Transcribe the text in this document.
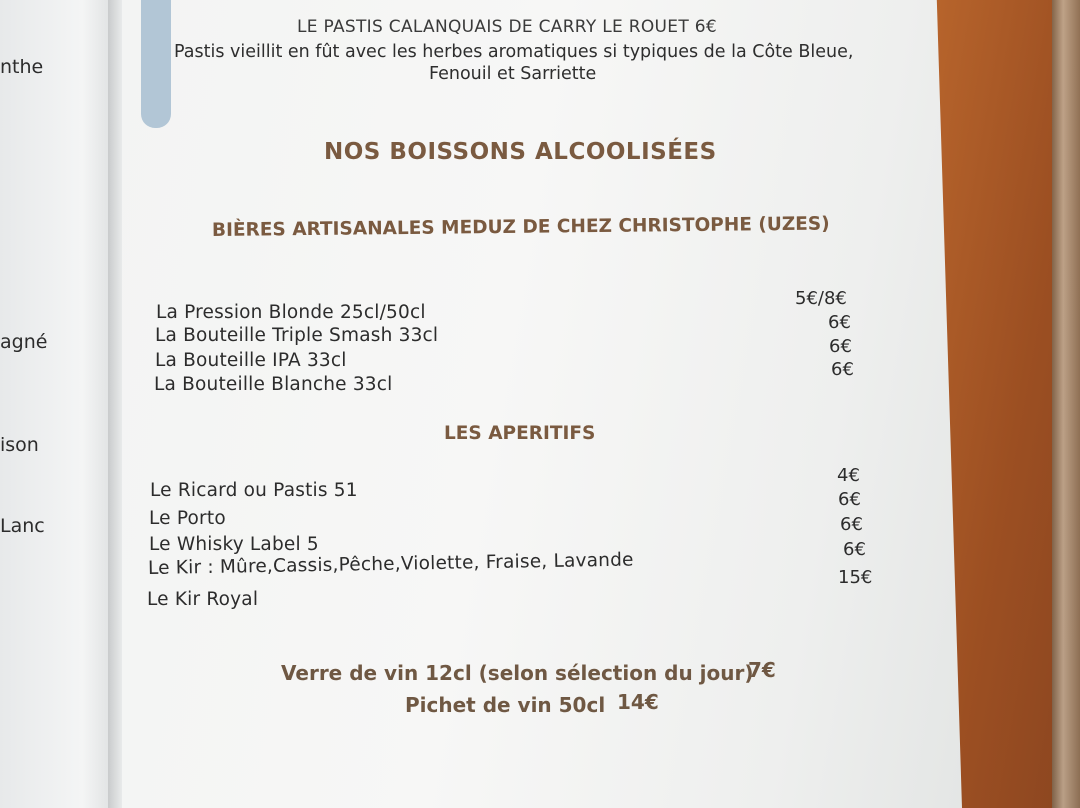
nthe
agné
ison
Lanc
LE PASTIS CALANQUAIS DE CARRY LE ROUET 6€
Pastis vieillit en fût avec les herbes aromatiques si typiques de la Côte Bleue,
Fenouil et Sarriette
NOS BOISSONS ALCOOLISÉES
BIÈRES ARTISANALES MEDUZ DE CHEZ CHRISTOPHE (UZES)
La Pression Blonde 25cl/50cl
5€/8€
La Bouteille Triple Smash 33cl
6€
La Bouteille IPA 33cl
6€
La Bouteille Blanche 33cl
6€
LES APERITIFS
Le Ricard ou Pastis 51
4€
Le Porto
6€
Le Whisky Label 5
6€
Le Kir : Mûre,Cassis,Pêche,Violette, Fraise, Lavande
6€
Le Kir Royal
15€
Verre de vin 12cl (selon sélection du jour)
7€
Pichet de vin 50cl 14€
